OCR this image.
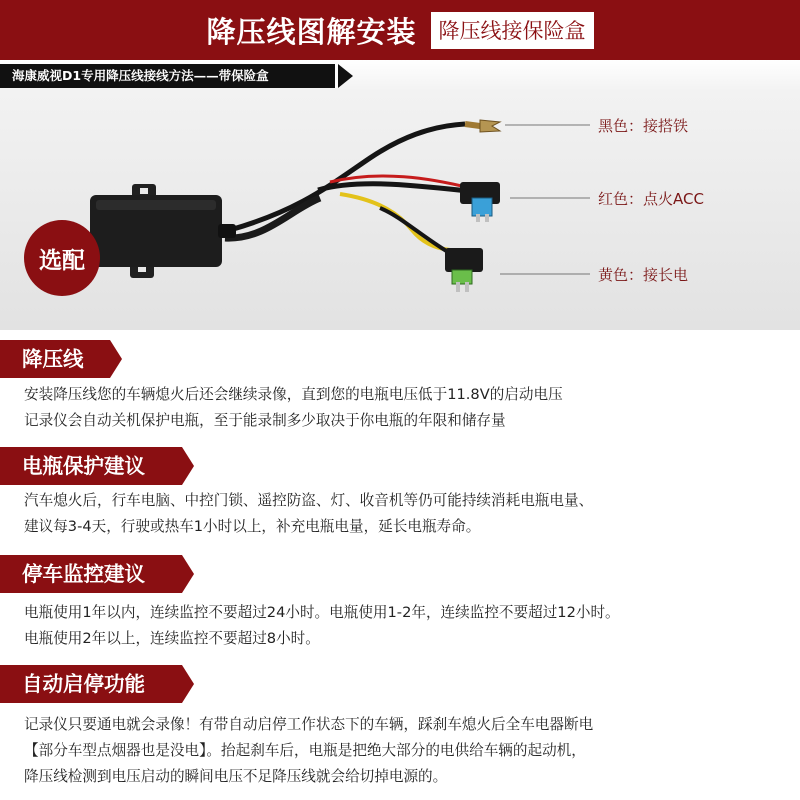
降压线图解安装	降压线接保险盒
海康威视D1专用降压线接线方法——带保险盒
选配
黑色：接搭铁
红色：点火ACC
黄色：接长电
降压线

安装降压线您的车辆熄火后还会继续录像，直到您的电瓶电压低于11.8V的启动电压

记录仪会自动关机保护电瓶，至于能录制多少取决于你电瓶的年限和储存量

电瓶保护建议

汽车熄火后，行车电脑、中控门锁、遥控防盗、灯、收音机等仍可能持续消耗电瓶电量、

建议每3-4天，行驶或热车1小时以上，补充电瓶电量，延长电瓶寿命。

停车监控建议

电瓶使用1年以内，连续监控不要超过24小时。电瓶使用1-2年，连续监控不要超过12小时。

电瓶使用2年以上，连续监控不要超过8小时。

自动启停功能

记录仪只要通电就会录像！有带自动启停工作状态下的车辆，踩刹车熄火后全车电器断电

【部分车型点烟器也是没电】。抬起刹车后，电瓶是把绝大部分的电供给车辆的起动机，

降压线检测到电压启动的瞬间电压不足降压线就会给切掉电源的。
